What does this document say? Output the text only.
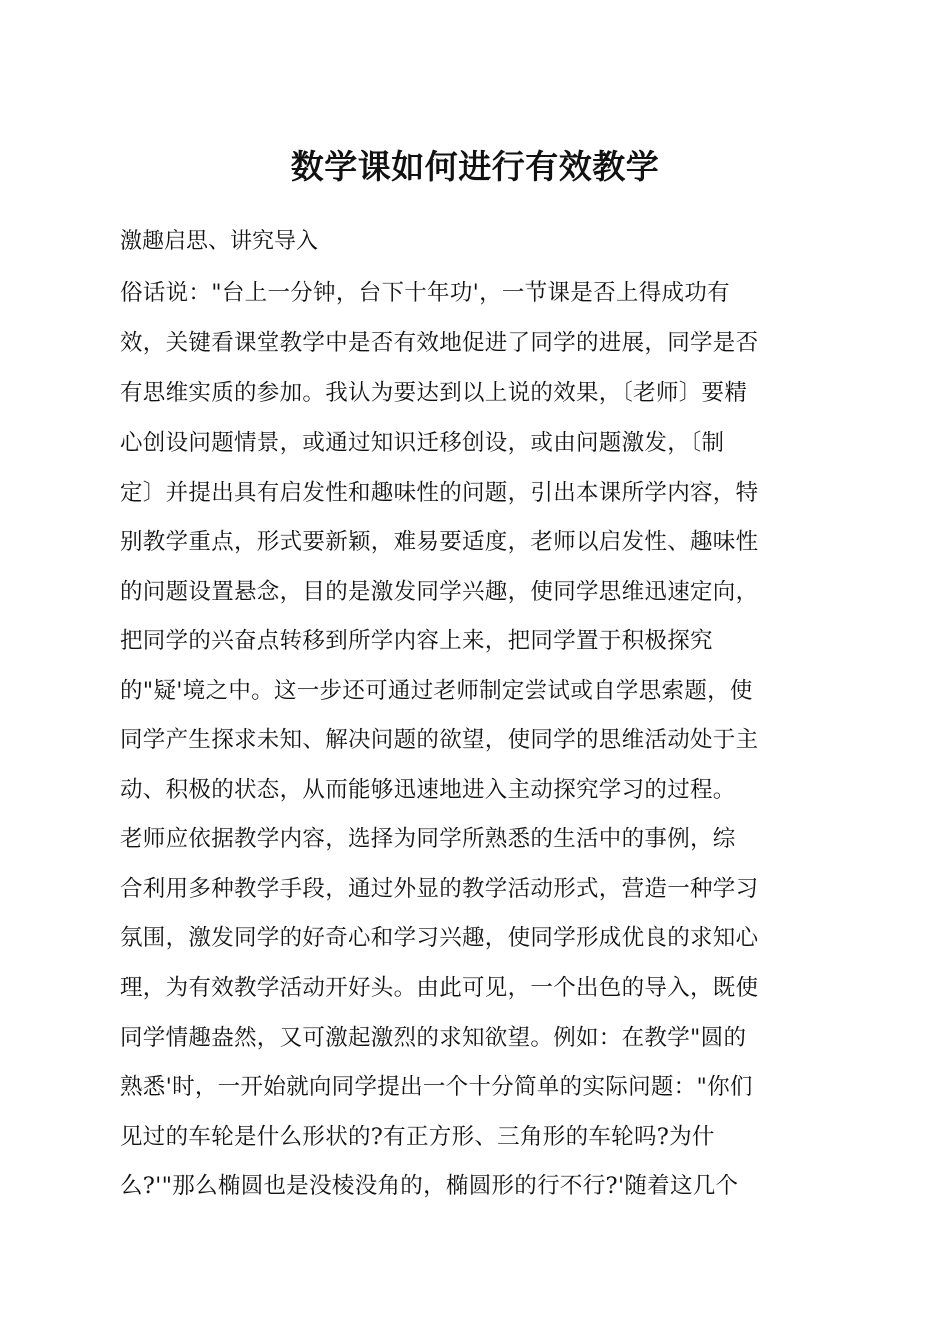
数学课如何进行有效教学

激趣启思、讲究导入

俗话说："台上一分钟，台下十年功'，一节课是否上得成功有
效，关键看课堂教学中是否有效地促进了同学的进展，同学是否
有思维实质的参加。我认为要达到以上说的效果，〔老师〕要精
心创设问题情景，或通过知识迁移创设，或由问题激发，〔制
定〕并提出具有启发性和趣味性的问题，引出本课所学内容，特
别教学重点，形式要新颖，难易要适度，老师以启发性、趣味性
的问题设置悬念，目的是激发同学兴趣，使同学思维迅速定向，
把同学的兴奋点转移到所学内容上来，把同学置于积极探究
的"疑'境之中。这一步还可通过老师制定尝试或自学思索题，使
同学产生探求未知、解决问题的欲望，使同学的思维活动处于主
动、积极的状态，从而能够迅速地进入主动探究学习的过程。
老师应依据教学内容，选择为同学所熟悉的生活中的事例，综
合利用多种教学手段，通过外显的教学活动形式，营造一种学习
氛围，激发同学的好奇心和学习兴趣，使同学形成优良的求知心
理，为有效教学活动开好头。由此可见，一个出色的导入，既使
同学情趣盎然，又可激起激烈的求知欲望。例如：在教学"圆的
熟悉'时，一开始就向同学提出一个十分简单的实际问题："你们
见过的车轮是什么形状的?有正方形、三角形的车轮吗?为什
么?'"那么椭圆也是没棱没角的，椭圆形的行不行?'随着这几个
